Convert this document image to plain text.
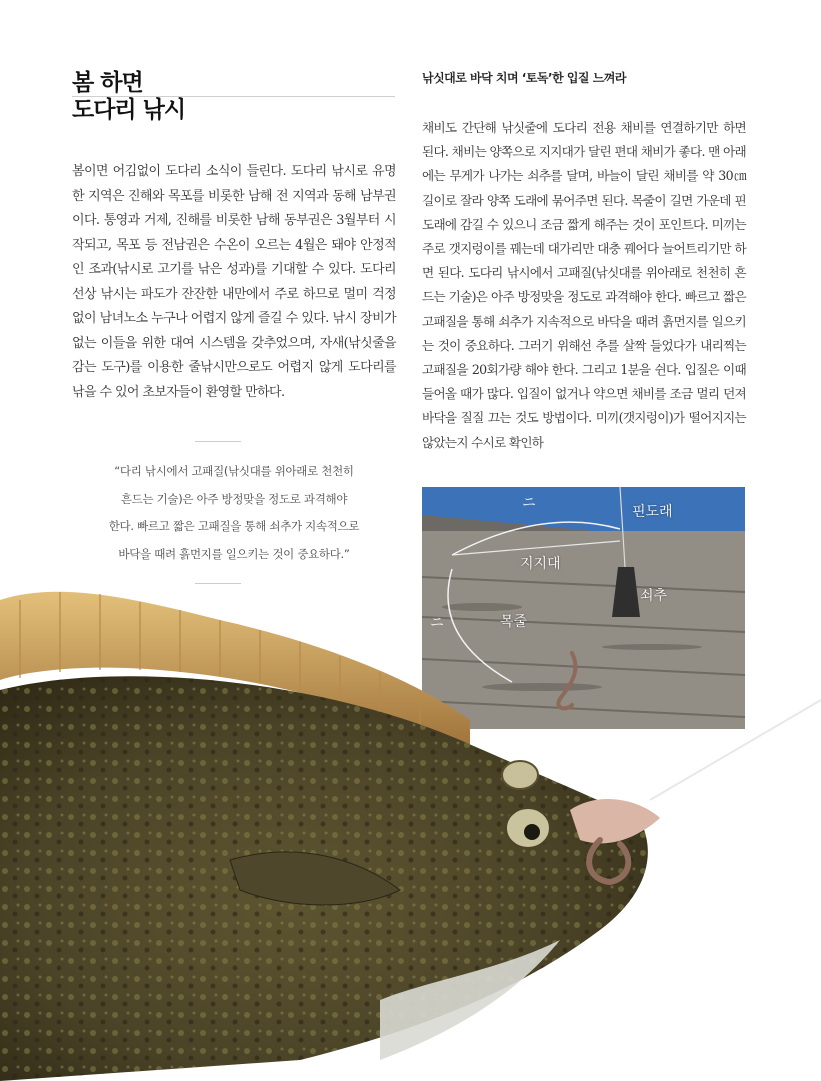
봄 하면
도다리 낚시

봄이면 어김없이 도다리 소식이 들린다. 도다리 낚시로 유명한 지역은 진해와 목포를 비롯한 남해 전 지역과 동해 남부권이다. 통영과 거제, 진해를 비롯한 남해 동부권은 3월부터 시작되고, 목포 등 전남권은 수온이 오르는 4월은 돼야 안정적인 조과(낚시로 고기를 낚은 성과)를 기대할 수 있다. 도다리 선상 낚시는 파도가 잔잔한 내만에서 주로 하므로 멀미 걱정 없이 남녀노소 누구나 어렵지 않게 즐길 수 있다. 낚시 장비가 없는 이들을 위한 대여 시스템을 갖추었으며, 자새(낚싯줄을 감는 도구)를 이용한 줄낚시만으로도 어렵지 않게 도다리를 낚을 수 있어 초보자들이 환영할 만하다.

“다리 낚시에서 고패질(낚싯대를 위아래로 천천히
흔드는 기술)은 아주 방정맞을 정도로 과격해야
한다. 빠르고 짧은 고패질을 통해 쇠추가 지속적으로
바닥을 때려 흙먼지를 일으키는 것이 중요하다.”
낚싯대로 바닥 치며 ‘토독’한 입질 느껴라

채비도 간단해 낚싯줄에 도다리 전용 채비를 연결하기만 하면 된다. 채비는 양쪽으로 지지대가 달린 편대 채비가 좋다. 맨 아래에는 무게가 나가는 쇠추를 달며, 바늘이 달린 채비를 약 30㎝ 길이로 잘라 양쪽 도래에 묶어주면 된다. 목줄이 길면 가운데 핀도래에 감길 수 있으니 조금 짧게 해주는 것이 포인트다. 미끼는 주로 갯지렁이를 꿰는데 대가리만 대충 꿰어다 늘어트리기만 하면 된다. 도다리 낚시에서 고패질(낚싯대를 위아래로 천천히 흔드는 기술)은 아주 방정맞을 정도로 과격해야 한다. 빠르고 짧은 고패질을 통해 쇠추가 지속적으로 바닥을 때려 흙먼지를 일으키는 것이 중요하다. 그러기 위해선 추를 살짝 들었다가 내리찍는 고패질을 20회가량 해야 한다. 그리고 1분을 쉰다. 입질은 이때 들어올 때가 많다. 입질이 없거나 약으면 채비를 조금 멀리 던져 바닥을 질질 끄는 것도 방법이다. 미끼(갯지렁이)가 떨어지지는 않았는지 수시로 확인하

ニ
ニ
핀도래
지지대
쇠추
목줄
